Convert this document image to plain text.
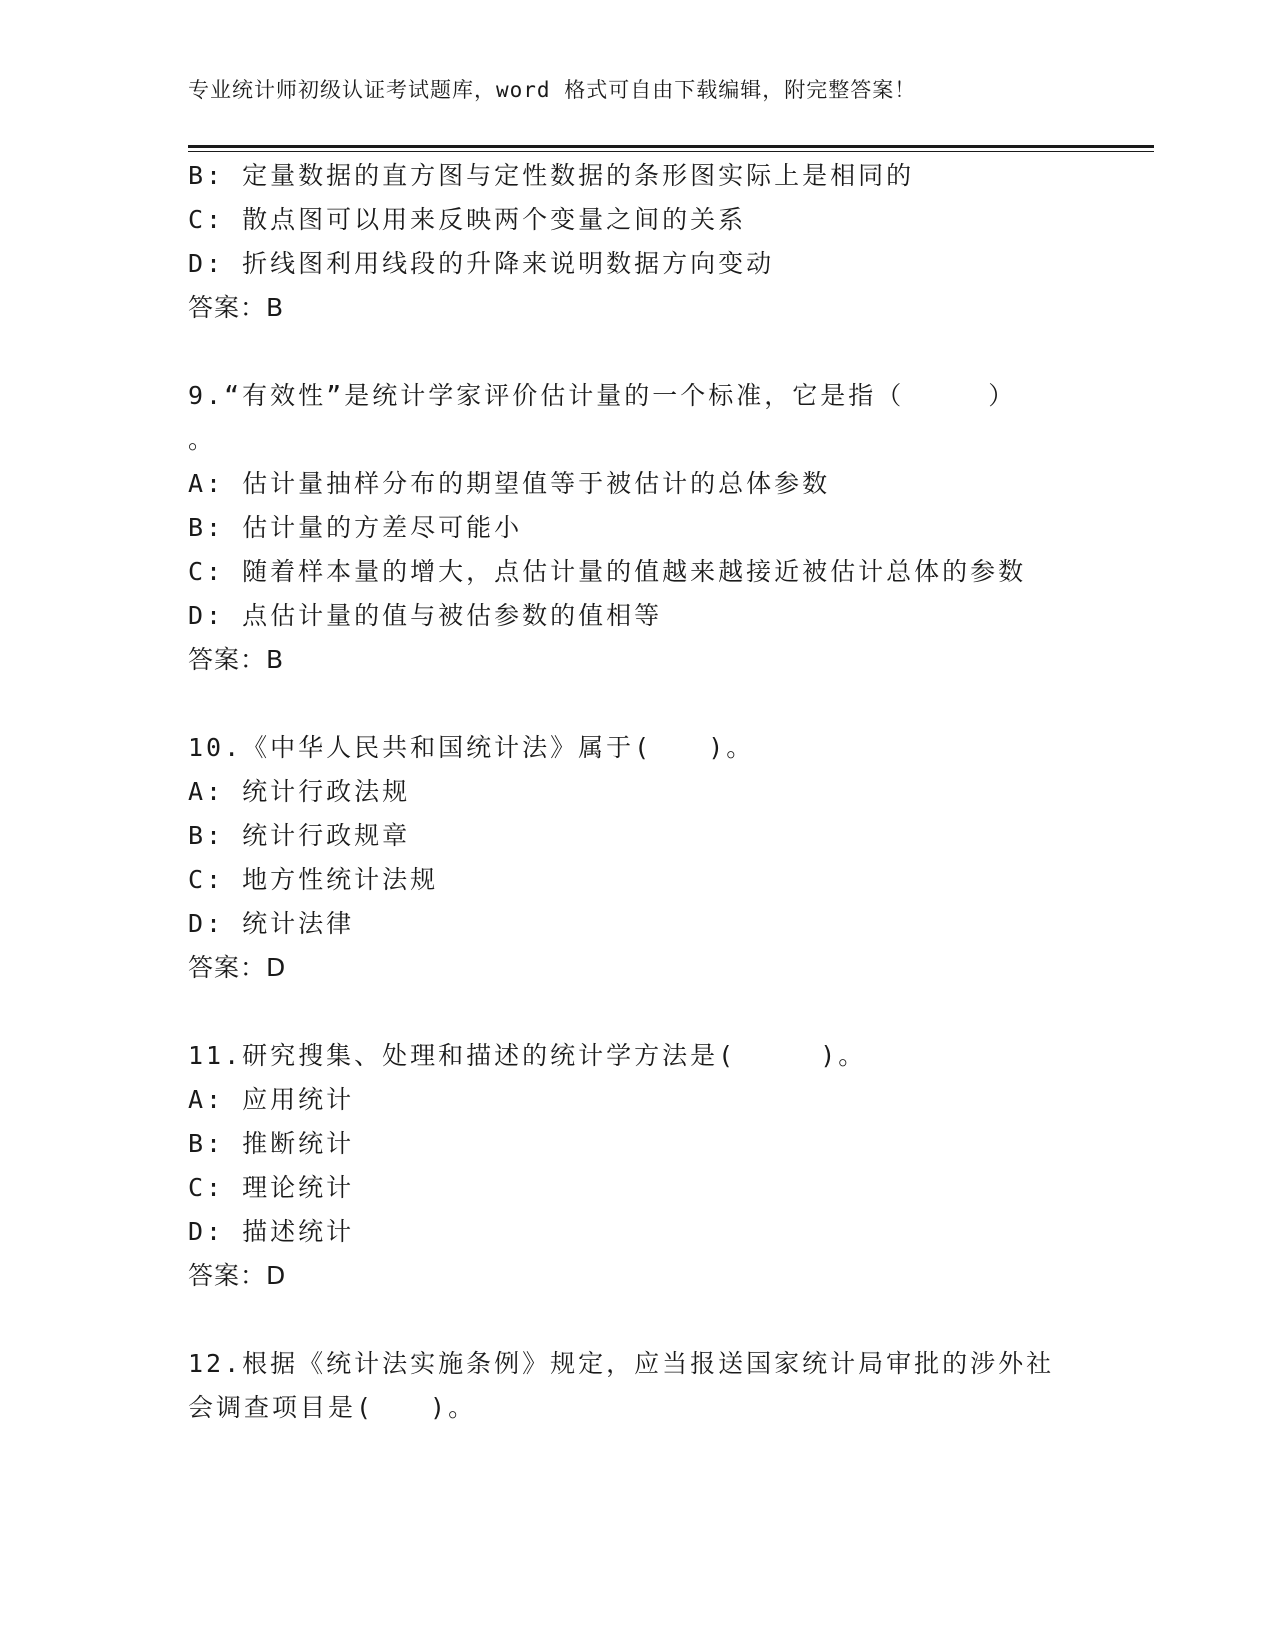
专业统计师初级认证考试题库，word 格式可自由下载编辑，附完整答案！
B: 定量数据的直方图与定性数据的条形图实际上是相同的
C: 散点图可以用来反映两个变量之间的关系
D: 折线图利用线段的升降来说明数据方向变动
答案：B
9.“有效性”是统计学家评价估计量的一个标准，它是指（　　　）
。
A: 估计量抽样分布的期望值等于被估计的总体参数
B: 估计量的方差尽可能小
C: 随着样本量的增大，点估计量的值越来越接近被估计总体的参数
D: 点估计量的值与被估参数的值相等
答案：B
10.《中华人民共和国统计法》属于(　　)。
A: 统计行政法规
B: 统计行政规章
C: 地方性统计法规
D: 统计法律
答案：D
11.研究搜集、处理和描述的统计学方法是(　　　)。
A: 应用统计
B: 推断统计
C: 理论统计
D: 描述统计
答案：D
12.根据《统计法实施条例》规定，应当报送国家统计局审批的涉外社
会调查项目是(　　)。
